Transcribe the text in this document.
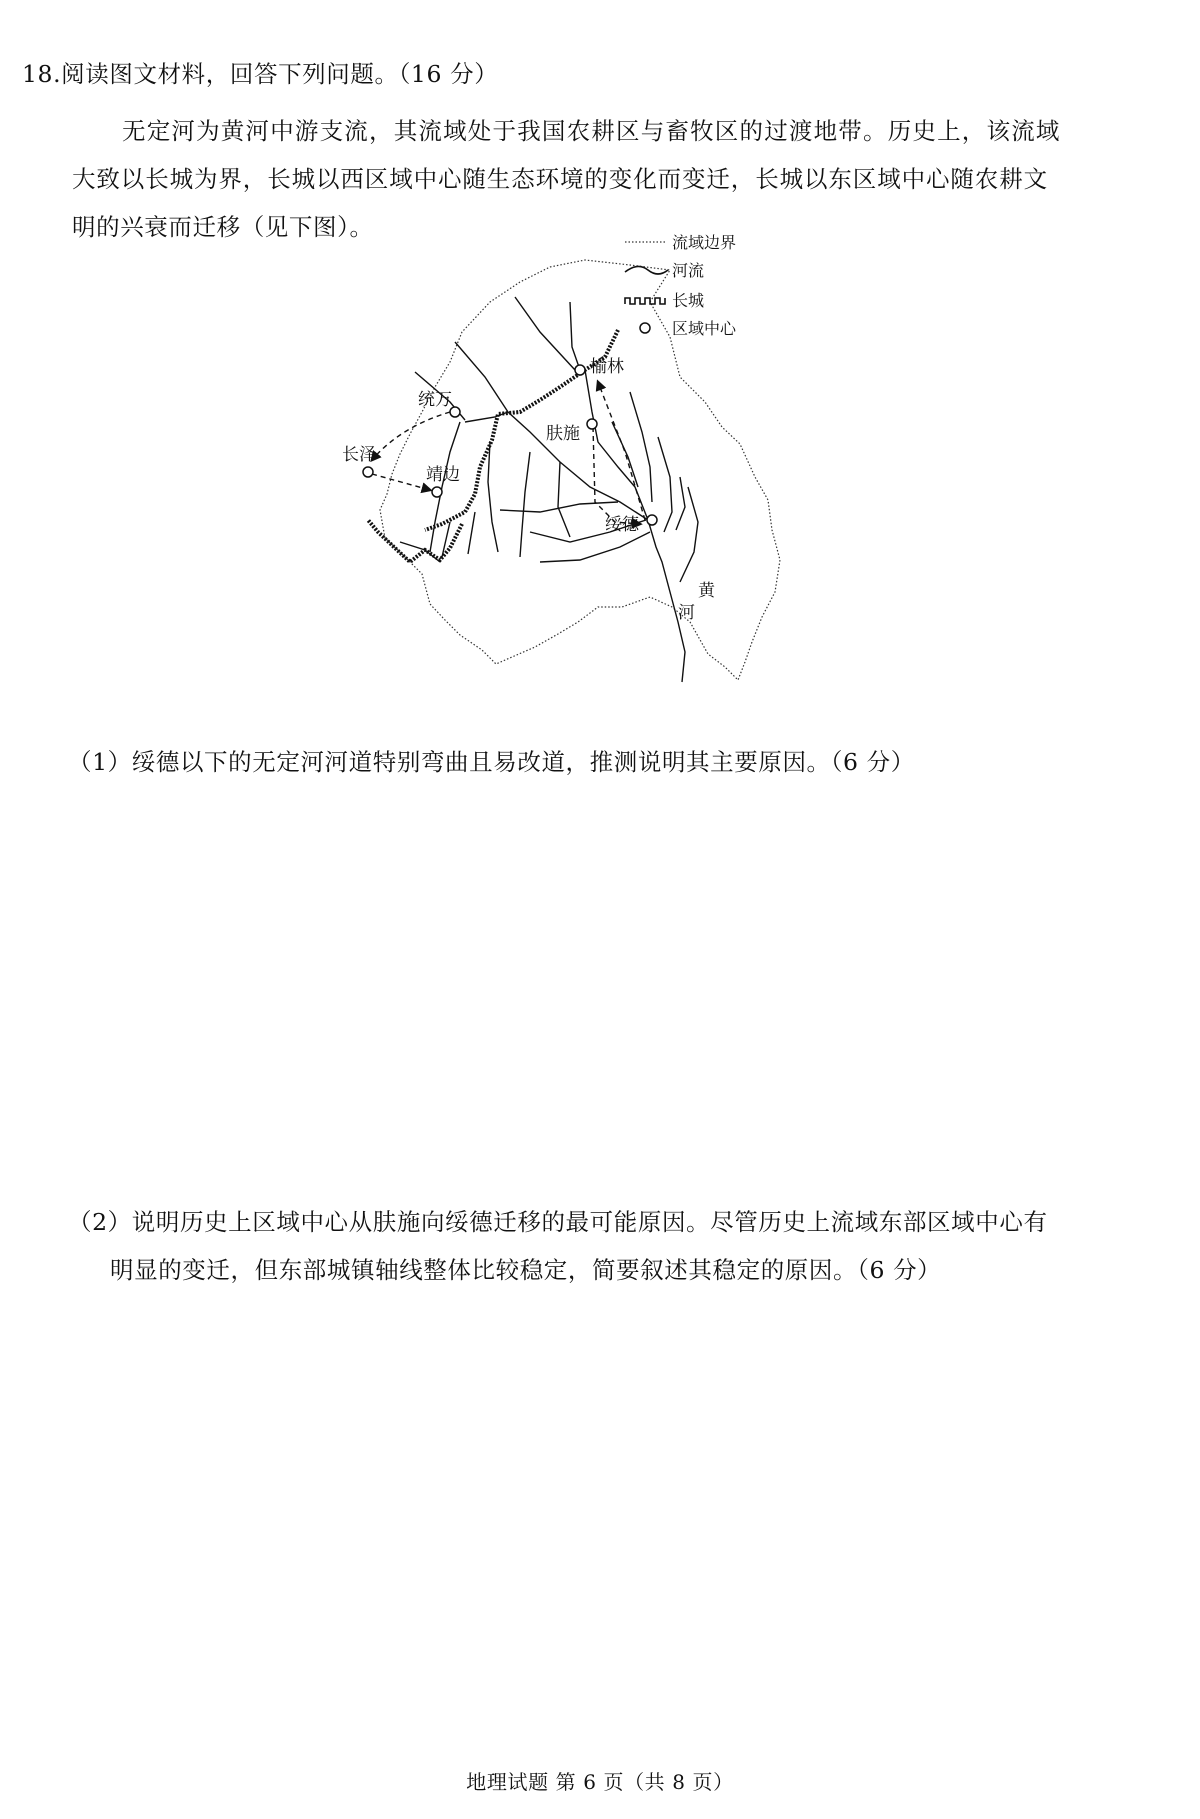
18.阅读图文材料，回答下列问题。（16 分）
无定河为黄河中游支流，其流域处于我国农耕区与畜牧区的过渡地带。历史上，该流域
大致以长城为界，长城以西区域中心随生态环境的变化而变迁，长城以东区域中心随农耕文
明的兴衰而迁移（见下图）。
榆林
统万
肤施
长泽
靖边
绥德
黄
河
流域边界
河流
长城
区域中心
（1）绥德以下的无定河河道特别弯曲且易改道，推测说明其主要原因。（6 分）
（2）说明历史上区域中心从肤施向绥德迁移的最可能原因。尽管历史上流域东部区域中心有
明显的变迁，但东部城镇轴线整体比较稳定，简要叙述其稳定的原因。（6 分）
地理试题 第 6 页（共 8 页）
